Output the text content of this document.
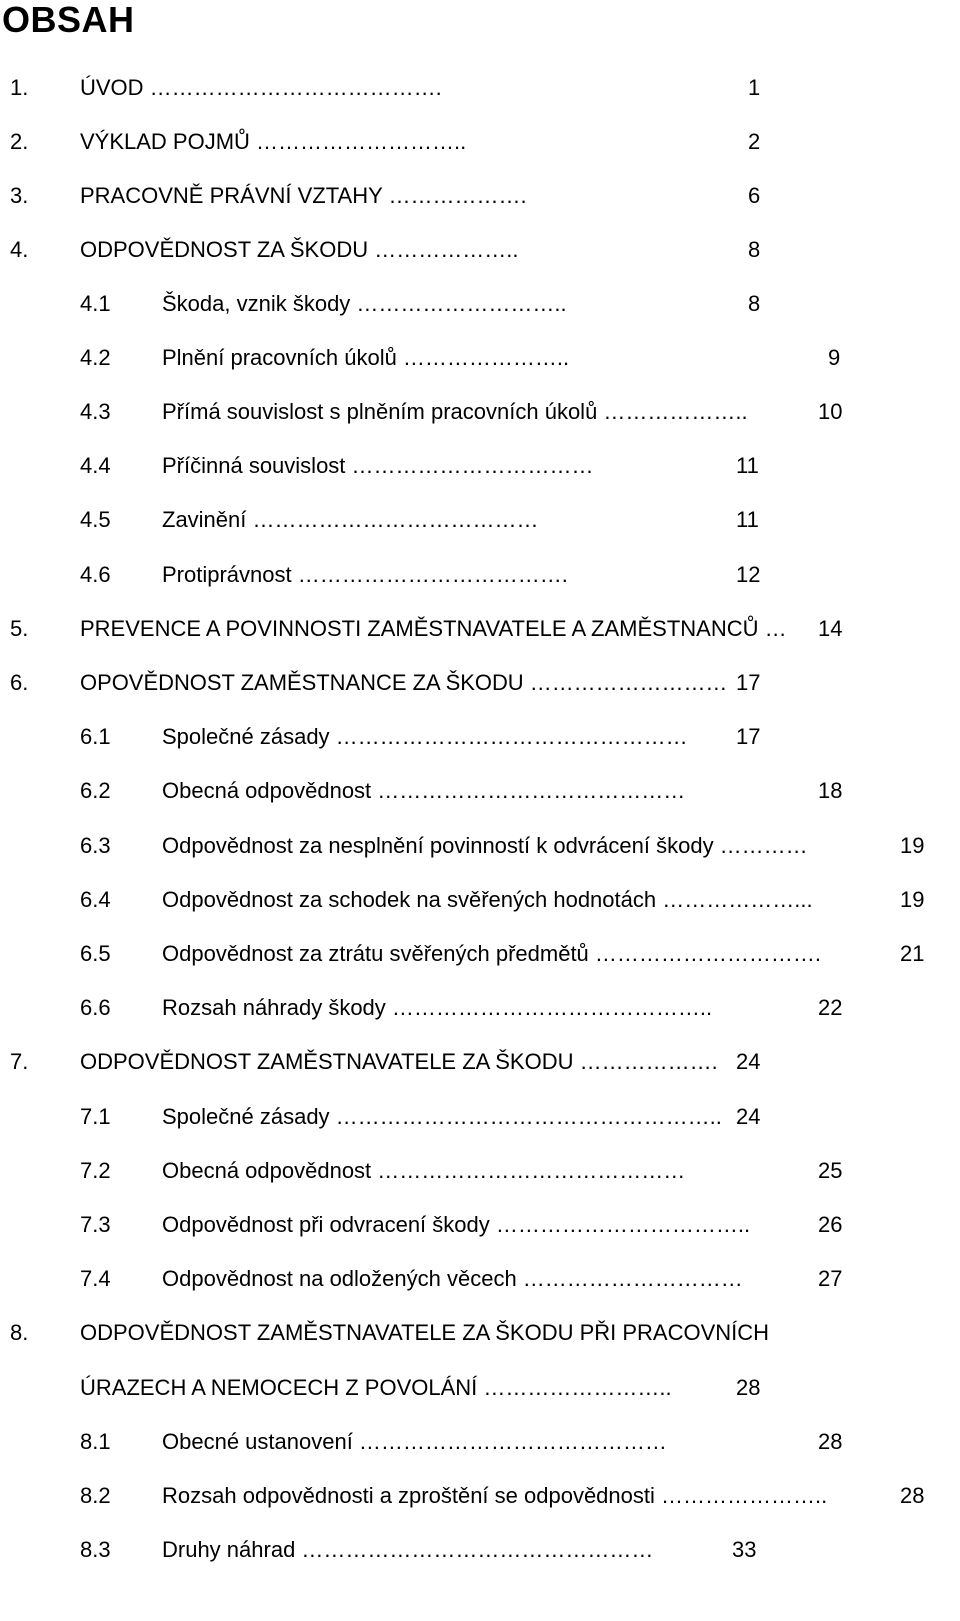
OBSAH
1. ÚVOD ………………………………….	1
2. VÝKLAD POJMŮ ………………………..	2
3. PRACOVNĚ PRÁVNÍ VZTAHY ……………….	6
4. ODPOVĚDNOST ZA ŠKODU ………………..	8
4.1 Škoda, vznik škody ………………………..	8
4.2 Plnění pracovních úkolů …………………..	9
4.3 Přímá souvislost s plněním pracovních úkolů ………………..	10
4.4 Příčinná souvislost ……………………………	11
4.5 Zavinění …………………………………	11
4.6 Protiprávnost ……………………………….	12
5. PREVENCE A POVINNOSTI ZAMĚSTNAVATELE A ZAMĚSTNANCŮ … 14
6. OPOVĚDNOST ZAMĚSTNANCE ZA ŠKODU ……………………… 17
6.1 Společné zásady ………………………………………… 17
6.2 Obecná odpovědnost ……………………………………	18
6.3 Odpovědnost za nesplnění povinností k odvrácení škody …………	19
6.4 Odpovědnost za schodek na svěřených hodnotách ………………...	19
6.5 Odpovědnost za ztrátu svěřených předmětů ………………………….	21
6.6 Rozsah náhrady škody ……………………………………..	22
7. ODPOVĚDNOST ZAMĚSTNAVATELE ZA ŠKODU ………………. 24
7.1 Společné zásady …………………………………………….. 24
7.2 Obecná odpovědnost ……………………………………	25
7.3 Odpovědnost při odvracení škody ……………………………..	26
7.4 Odpovědnost na odložených věcech …………………………	27
8. ODPOVĚDNOST ZAMĚSTNAVATELE ZA ŠKODU PŘI PRACOVNÍCH
ÚRAZECH A NEMOCECH Z POVOLÁNÍ ……………………..	28
8.1 Obecné ustanovení ……………………………………	28
8.2 Rozsah odpovědnosti a zproštění se odpovědnosti …………………..	28
8.3 Druhy náhrad …………………………………………	33
